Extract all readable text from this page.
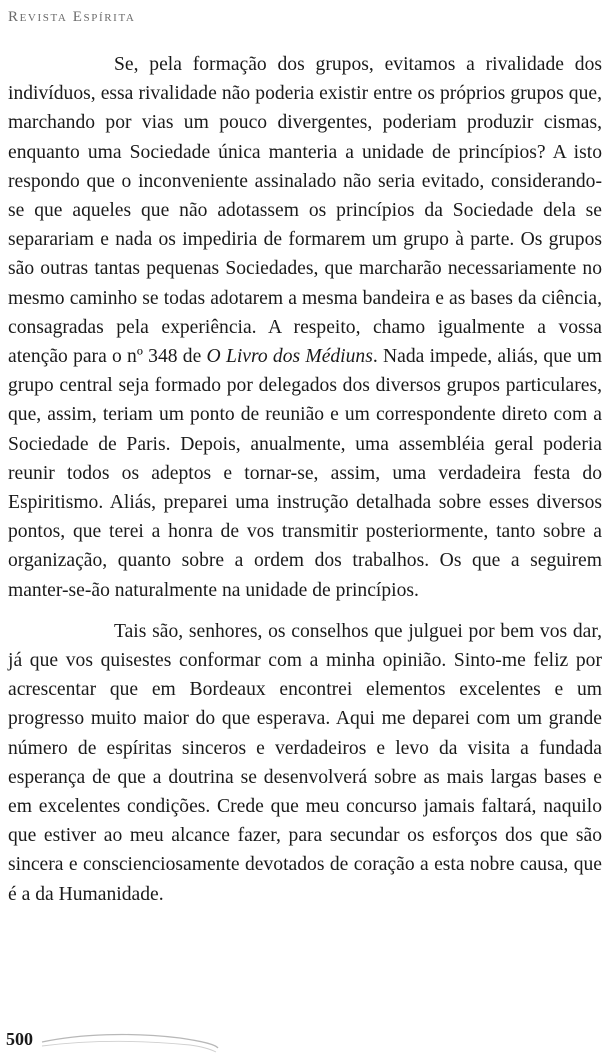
Revista Espírita

Se, pela formação dos grupos, evitamos a rivalidade dos indivíduos, essa rivalidade não poderia existir entre os próprios grupos que, marchando por vias um pouco divergentes, poderiam produzir cismas, enquanto uma Sociedade única manteria a unidade de princípios? A isto respondo que o inconveniente assinalado não seria evitado, considerando-se que aqueles que não adotassem os princípios da Sociedade dela se separariam e nada os impediria de formarem um grupo à parte. Os grupos são outras tantas pequenas Sociedades, que marcharão necessariamente no mesmo caminho se todas adotarem a mesma bandeira e as bases da ciência, consagradas pela experiência. A respeito, chamo igualmente a vossa atenção para o nº 348 de O Livro dos Médiuns. Nada impede, aliás, que um grupo central seja formado por delegados dos diversos grupos particulares, que, assim, teriam um ponto de reunião e um correspondente direto com a Sociedade de Paris. Depois, anualmente, uma assembléia geral poderia reunir todos os adeptos e tornar-se, assim, uma verdadeira festa do Espiritismo. Aliás, preparei uma instrução detalhada sobre esses diversos pontos, que terei a honra de vos transmitir posteriormente, tanto sobre a organização, quanto sobre a ordem dos trabalhos. Os que a seguirem manter-se-ão naturalmente na unidade de princípios.

Tais são, senhores, os conselhos que julguei por bem vos dar, já que vos quisestes conformar com a minha opinião. Sinto-me feliz por acrescentar que em Bordeaux encontrei elementos excelentes e um progresso muito maior do que esperava. Aqui me deparei com um grande número de espíritas sinceros e verdadeiros e levo da visita a fundada esperança de que a doutrina se desenvolverá sobre as mais largas bases e em excelentes condições. Crede que meu concurso jamais faltará, naquilo que estiver ao meu alcance fazer, para secundar os esforços dos que são sincera e conscienciosamente devotados de coração a esta nobre causa, que é a da Humanidade.

500
